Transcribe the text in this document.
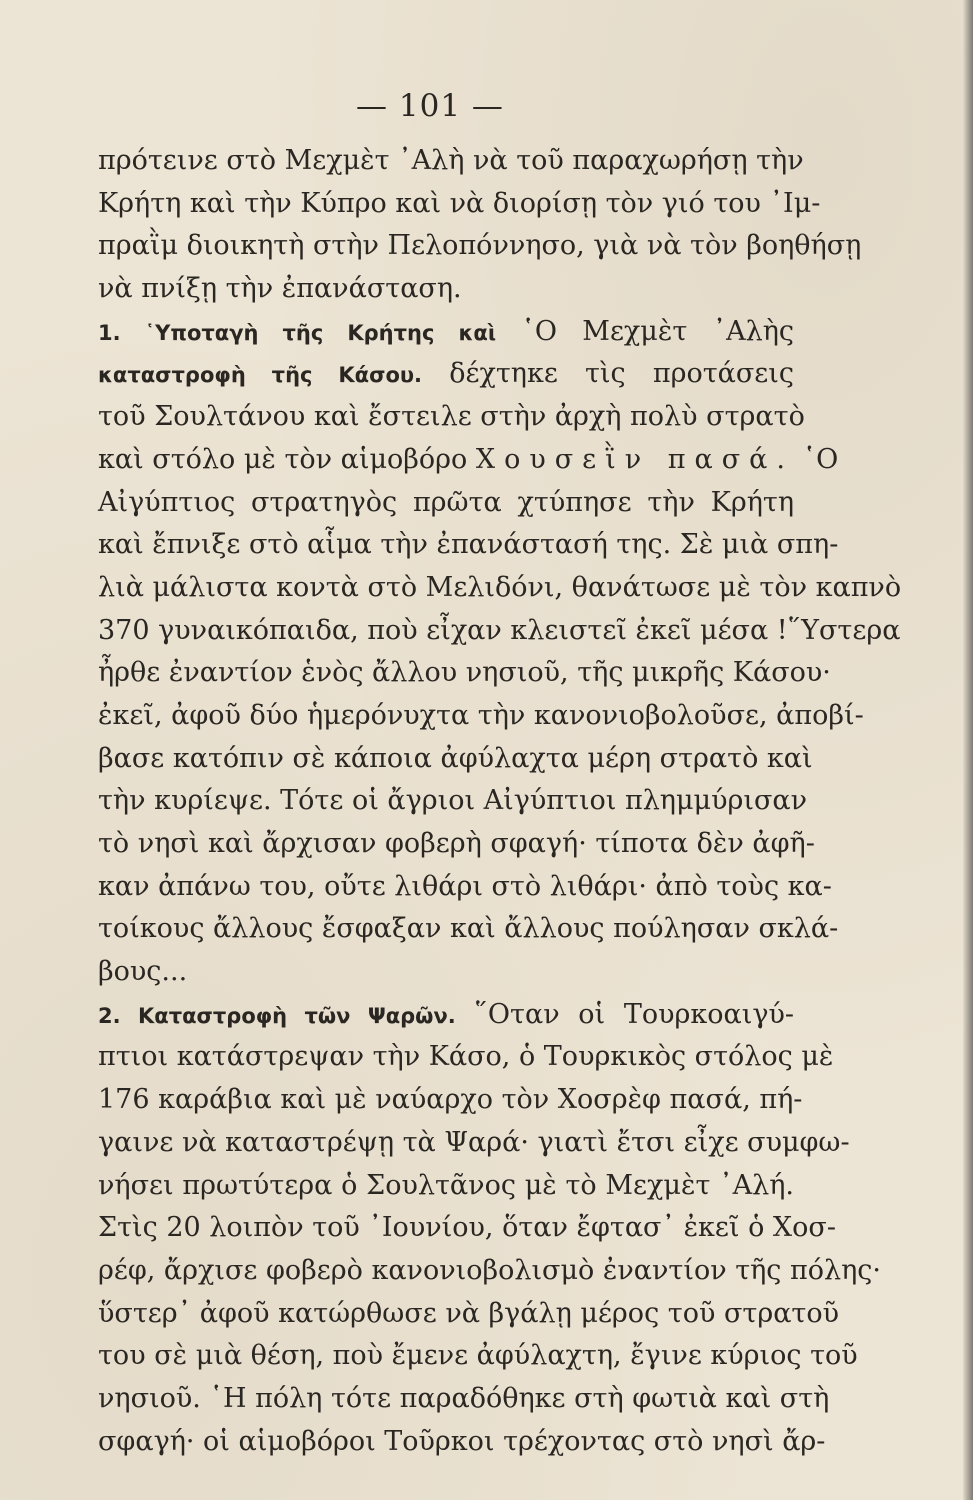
— 101 —
πρότεινε στὸ Μεχμὲτ ᾿Αλὴ νὰ τοῦ παραχωρήσῃ τὴν
Κρήτη καὶ τὴν Κύπρο καὶ νὰ διορίσῃ τὸν γιό του ᾿Ιμ-
πραῒμ διοικητὴ στὴν Πελοπόννησο, γιὰ νὰ τὸν βοηθήσῃ
νὰ πνίξῃ τὴν ἐπανάσταση.
1. ῾Υποταγὴ τῆς Κρήτης καὶ ῾Ο Μεχμὲτ ᾿Αλὴς
καταστροφὴ τῆς Κάσου. δέχτηκε τὶς προτάσεις
τοῦ Σουλτάνου καὶ ἔστειλε στὴν ἀρχὴ πολὺ στρατὸ
καὶ στόλο μὲ τὸν αἱμοβόρο Χουσεῒν πασά. ῾Ο
Αἰγύπτιος στρατηγὸς πρῶτα χτύπησε τὴν Κρήτη
καὶ ἔπνιξε στὸ αἷμα τὴν ἐπανάστασή της. Σὲ μιὰ σπη-
λιὰ μάλιστα κοντὰ στὸ Μελιδόνι, θανάτωσε μὲ τὸν καπνὸ
370 γυναικόπαιδα, ποὺ εἶχαν κλειστεῖ ἐκεῖ μέσα !῞Υστερα
ἦρθε ἐναντίον ἑνὸς ἄλλου νησιοῦ, τῆς μικρῆς Κάσου·
ἐκεῖ, ἀφοῦ δύο ἡμερόνυχτα τὴν κανονιοβολοῦσε, ἀποβί-
βασε κατόπιν σὲ κάποια ἀφύλαχτα μέρη στρατὸ καὶ
τὴν κυρίεψε. Τότε οἱ ἄγριοι Αἰγύπτιοι πλημμύρισαν
τὸ νησὶ καὶ ἄρχισαν φοβερὴ σφαγή· τίποτα δὲν ἀφῆ-
καν ἀπάνω του, οὔτε λιθάρι στὸ λιθάρι· ἀπὸ τοὺς κα-
τοίκους ἄλλους ἔσφαξαν καὶ ἄλλους πούλησαν σκλά-
βους...
2. Καταστροφὴ τῶν Ψαρῶν. ῞Οταν οἱ Τουρκοαιγύ-
πτιοι κατάστρεψαν τὴν Κάσο, ὁ Τουρκικὸς στόλος μὲ
176 καράβια καὶ μὲ ναύαρχο τὸν Χοσρὲφ πασά, πή-
γαινε νὰ καταστρέψῃ τὰ Ψαρά· γιατὶ ἔτσι εἶχε συμφω-
νήσει πρωτύτερα ὁ Σουλτᾶνος μὲ τὸ Μεχμὲτ ᾿Αλή.
Στὶς 20 λοιπὸν τοῦ ᾿Ιουνίου, ὅταν ἔφτασ᾿ ἐκεῖ ὁ Χοσ-
ρέφ, ἄρχισε φοβερὸ κανονιοβολισμὸ ἐναντίον τῆς πόλης·
ὕστερ᾿ ἀφοῦ κατώρθωσε νὰ βγάλῃ μέρος τοῦ στρατοῦ
του σὲ μιὰ θέση, ποὺ ἔμενε ἀφύλαχτη, ἔγινε κύριος τοῦ
νησιοῦ. ῾Η πόλη τότε παραδόθηκε στὴ φωτιὰ καὶ στὴ
σφαγή· οἱ αἱμοβόροι Τοῦρκοι τρέχοντας στὸ νησὶ ἄρ-
